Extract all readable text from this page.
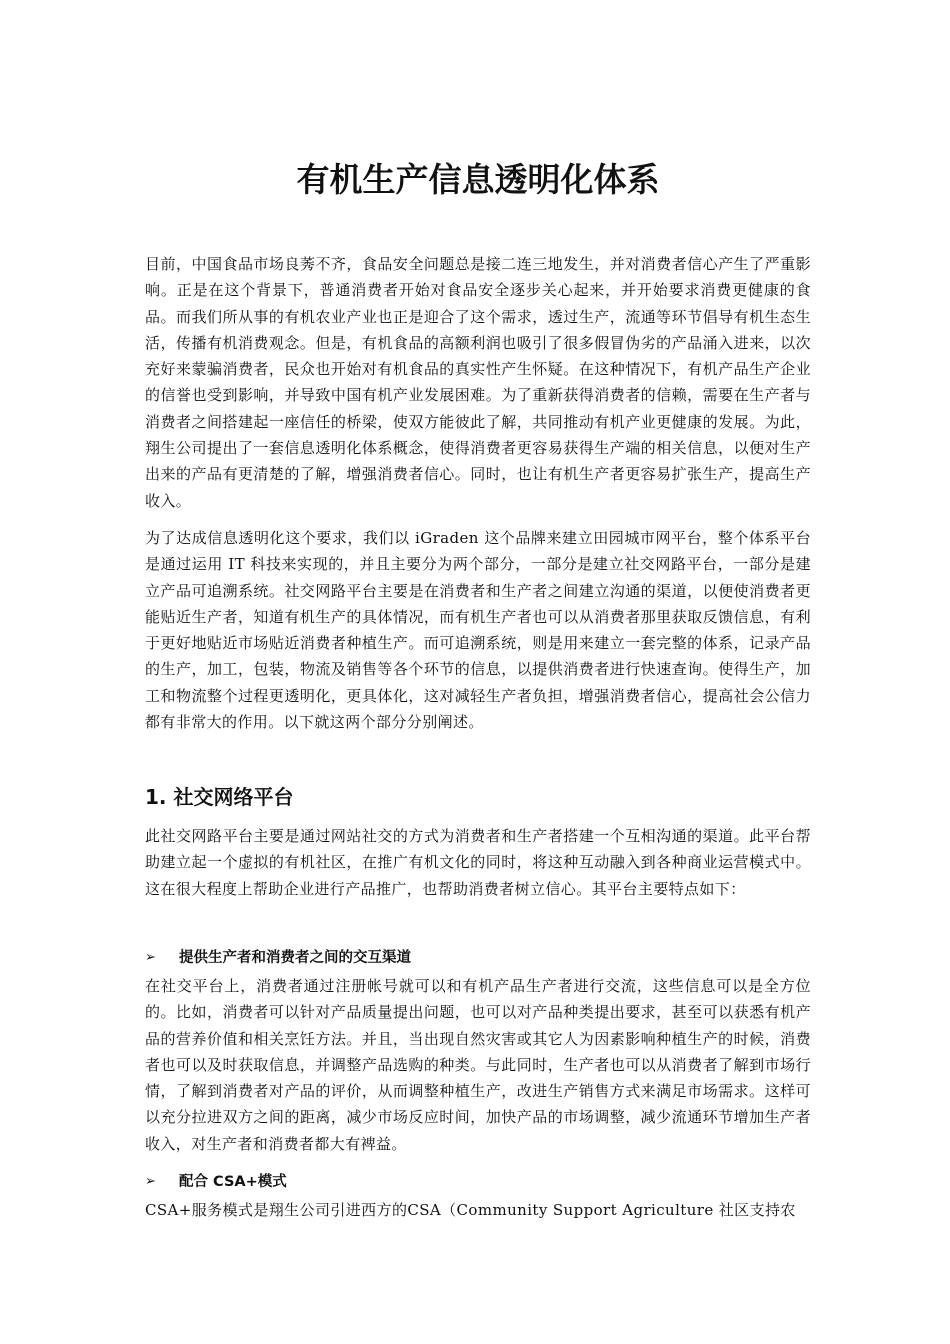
有机生产信息透明化体系

目前，中国食品市场良莠不齐，食品安全问题总是接二连三地发生，并对消费者信心产生了严重影响。正是在这个背景下，普通消费者开始对食品安全逐步关心起来，并开始要求消费更健康的食品。而我们所从事的有机农业产业也正是迎合了这个需求，透过生产，流通等环节倡导有机生态生活，传播有机消费观念。但是，有机食品的高额利润也吸引了很多假冒伪劣的产品涌入进来，以次充好来蒙骗消费者，民众也开始对有机食品的真实性产生怀疑。在这种情况下，有机产品生产企业的信誉也受到影响，并导致中国有机产业发展困难。为了重新获得消费者的信赖，需要在生产者与消费者之间搭建起一座信任的桥梁，使双方能彼此了解，共同推动有机产业更健康的发展。为此，翔生公司提出了一套信息透明化体系概念，使得消费者更容易获得生产端的相关信息，以便对生产出来的产品有更清楚的了解，增强消费者信心。同时，也让有机生产者更容易扩张生产，提高生产收入。

为了达成信息透明化这个要求，我们以 iGraden 这个品牌来建立田园城市网平台，整个体系平台是通过运用 IT 科技来实现的，并且主要分为两个部分，一部分是建立社交网路平台，一部分是建立产品可追溯系统。社交网路平台主要是在消费者和生产者之间建立沟通的渠道，以便使消费者更能贴近生产者，知道有机生产的具体情况，而有机生产者也可以从消费者那里获取反馈信息，有利于更好地贴近市场贴近消费者种植生产。而可追溯系统，则是用来建立一套完整的体系，记录产品的生产，加工，包装，物流及销售等各个环节的信息，以提供消费者进行快速查询。使得生产，加工和物流整个过程更透明化，更具体化，这对减轻生产者负担，增强消费者信心，提高社会公信力都有非常大的作用。以下就这两个部分分别阐述。

1. 社交网络平台

此社交网路平台主要是通过网站社交的方式为消费者和生产者搭建一个互相沟通的渠道。此平台帮助建立起一个虚拟的有机社区，在推广有机文化的同时，将这种互动融入到各种商业运营模式中。这在很大程度上帮助企业进行产品推广，也帮助消费者树立信心。其平台主要特点如下：

➢	提供生产者和消费者之间的交互渠道

在社交平台上，消费者通过注册帐号就可以和有机产品生产者进行交流，这些信息可以是全方位的。比如，消费者可以针对产品质量提出问题，也可以对产品种类提出要求，甚至可以获悉有机产品的营养价值和相关烹饪方法。并且，当出现自然灾害或其它人为因素影响种植生产的时候，消费者也可以及时获取信息，并调整产品选购的种类。与此同时，生产者也可以从消费者了解到市场行情，了解到消费者对产品的评价，从而调整种植生产，改进生产销售方式来满足市场需求。这样可以充分拉进双方之间的距离，减少市场反应时间，加快产品的市场调整，减少流通环节增加生产者收入，对生产者和消费者都大有裨益。

➢	配合 CSA+模式

CSA+服务模式是翔生公司引进西方的CSA（Community Support Agriculture 社区支持农
